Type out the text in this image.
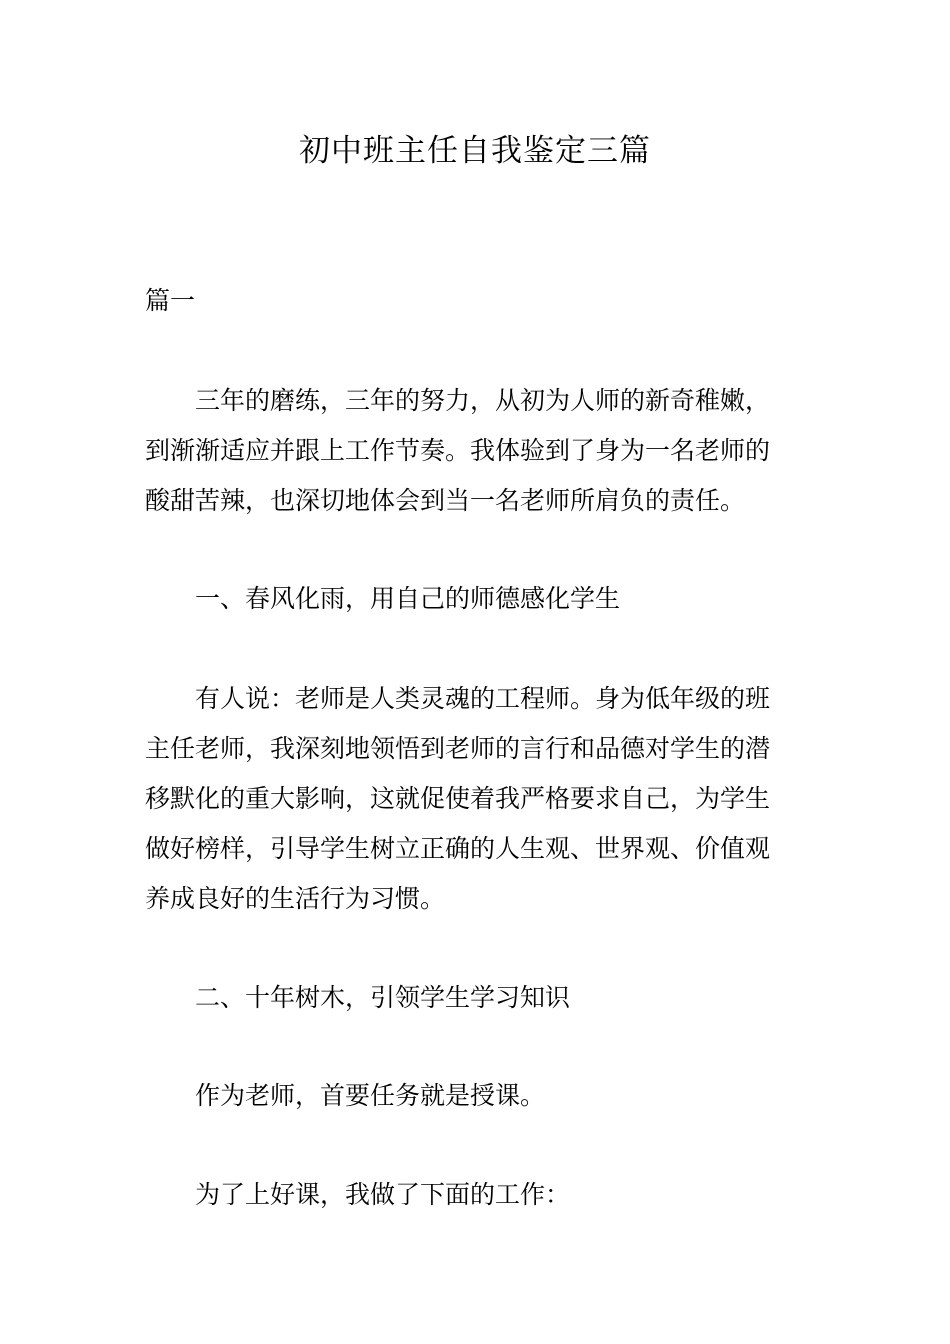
初中班主任自我鉴定三篇

篇一

三年的磨练，三年的努力，从初为人师的新奇稚嫩，
到渐渐适应并跟上工作节奏。我体验到了身为一名老师的
酸甜苦辣，也深切地体会到当一名老师所肩负的责任。

一、春风化雨，用自己的师德感化学生

有人说：老师是人类灵魂的工程师。身为低年级的班
主任老师，我深刻地领悟到老师的言行和品德对学生的潜
移默化的重大影响，这就促使着我严格要求自己，为学生
做好榜样，引导学生树立正确的人生观、世界观、价值观
养成良好的生活行为习惯。

二、十年树木，引领学生学习知识

作为老师，首要任务就是授课。

为了上好课，我做了下面的工作：
